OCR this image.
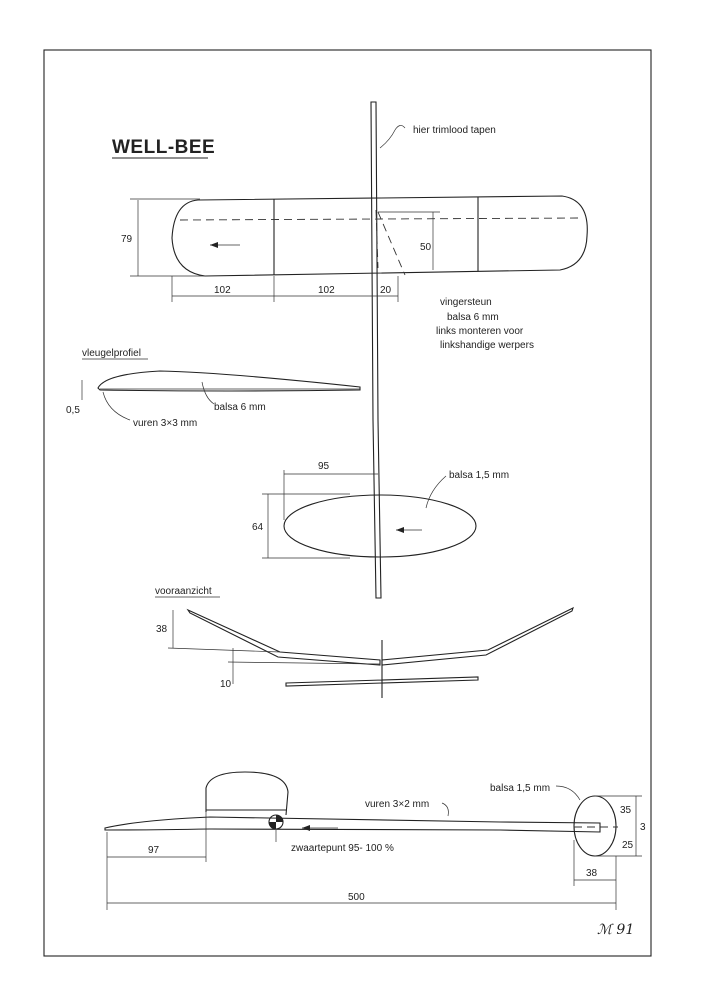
WELL-BEE
hier trimlood tapen
79
50
102	102	20
vingersteun
balsa 6 mm
links monteren voor
linkshandige werpers
vleugelprofiel
0,5	balsa 6 mm
vuren 3×3 mm
95
64
balsa 1,5 mm
vooraanzicht
38
10
balsa 1,5 mm
vuren 3×2 mm
zwaartepunt 95- 100 %
97
500
35
3
25
38
ℳ 91
